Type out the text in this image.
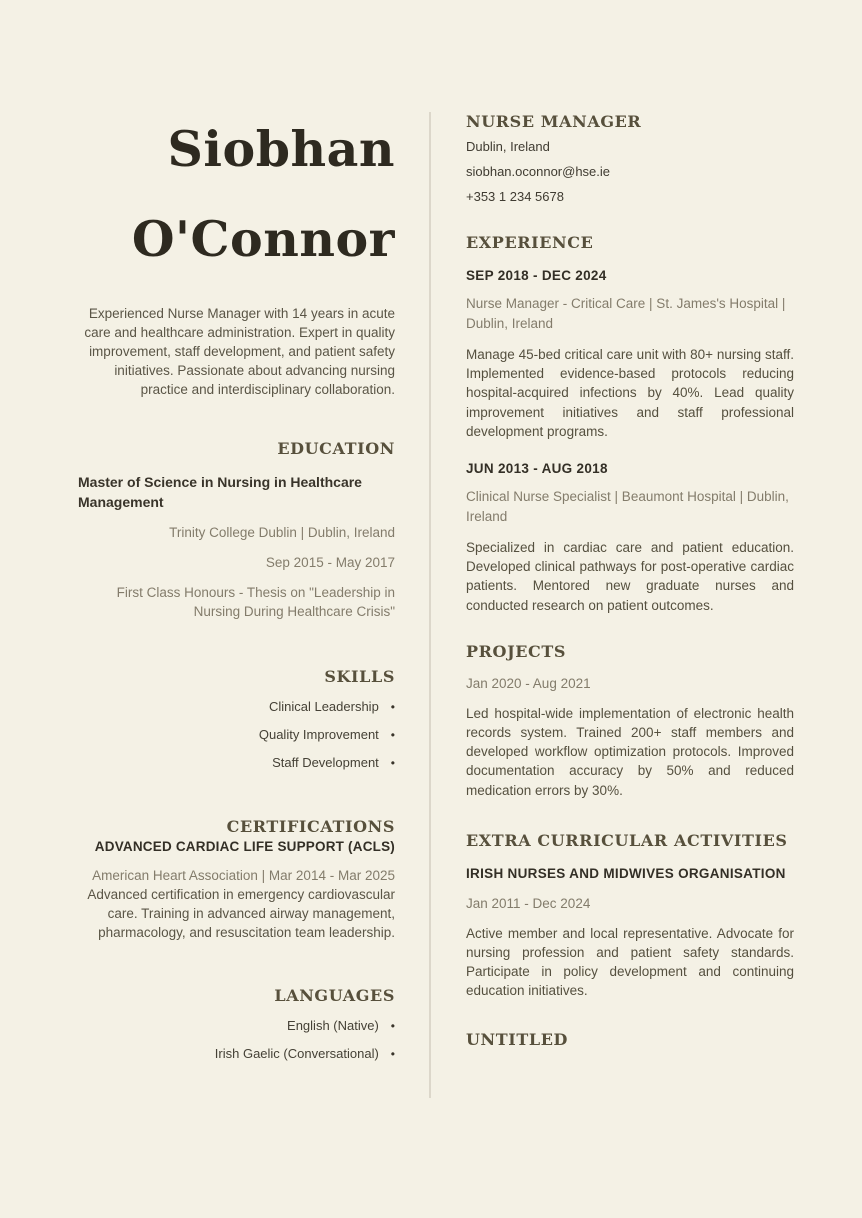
Siobhan
O'Connor

Experienced Nurse Manager with 14 years in acute care and healthcare administration. Expert in quality improvement, staff development, and patient safety initiatives. Passionate about advancing nursing practice and interdisciplinary collaboration.

EDUCATION
Master of Science in Nursing in Healthcare Management
Trinity College Dublin | Dublin, Ireland
Sep 2015 - May 2017
First Class Honours - Thesis on "Leadership in Nursing During Healthcare Crisis"
SKILLS
Clinical Leadership •
Quality Improvement •
Staff Development •
CERTIFICATIONS
ADVANCED CARDIAC LIFE SUPPORT (ACLS)
American Heart Association | Mar 2014 - Mar 2025
Advanced certification in emergency cardiovascular care. Training in advanced airway management, pharmacology, and resuscitation team leadership.
LANGUAGES
English (Native) •
Irish Gaelic (Conversational) •
NURSE MANAGER
Dublin, Ireland
siobhan.oconnor@hse.ie
+353 1 234 5678
EXPERIENCE
SEP 2018 - DEC 2024
Nurse Manager - Critical Care | St. James's Hospital | Dublin, Ireland

Manage 45-bed critical care unit with 80+ nursing staff. Implemented evidence-based protocols reducing hospital-acquired infections by 40%. Lead quality improvement initiatives and staff professional development programs.

JUN 2013 - AUG 2018
Clinical Nurse Specialist | Beaumont Hospital | Dublin, Ireland

Specialized in cardiac care and patient education. Developed clinical pathways for post-operative cardiac patients. Mentored new graduate nurses and conducted research on patient outcomes.

PROJECTS
Jan 2020 - Aug 2021

Led hospital-wide implementation of electronic health records system. Trained 200+ staff members and developed workflow optimization protocols. Improved documentation accuracy by 50% and reduced medication errors by 30%.

EXTRA CURRICULAR ACTIVITIES
IRISH NURSES AND MIDWIVES ORGANISATION
Jan 2011 - Dec 2024

Active member and local representative. Advocate for nursing profession and patient safety standards. Participate in policy development and continuing education initiatives.

UNTITLED
